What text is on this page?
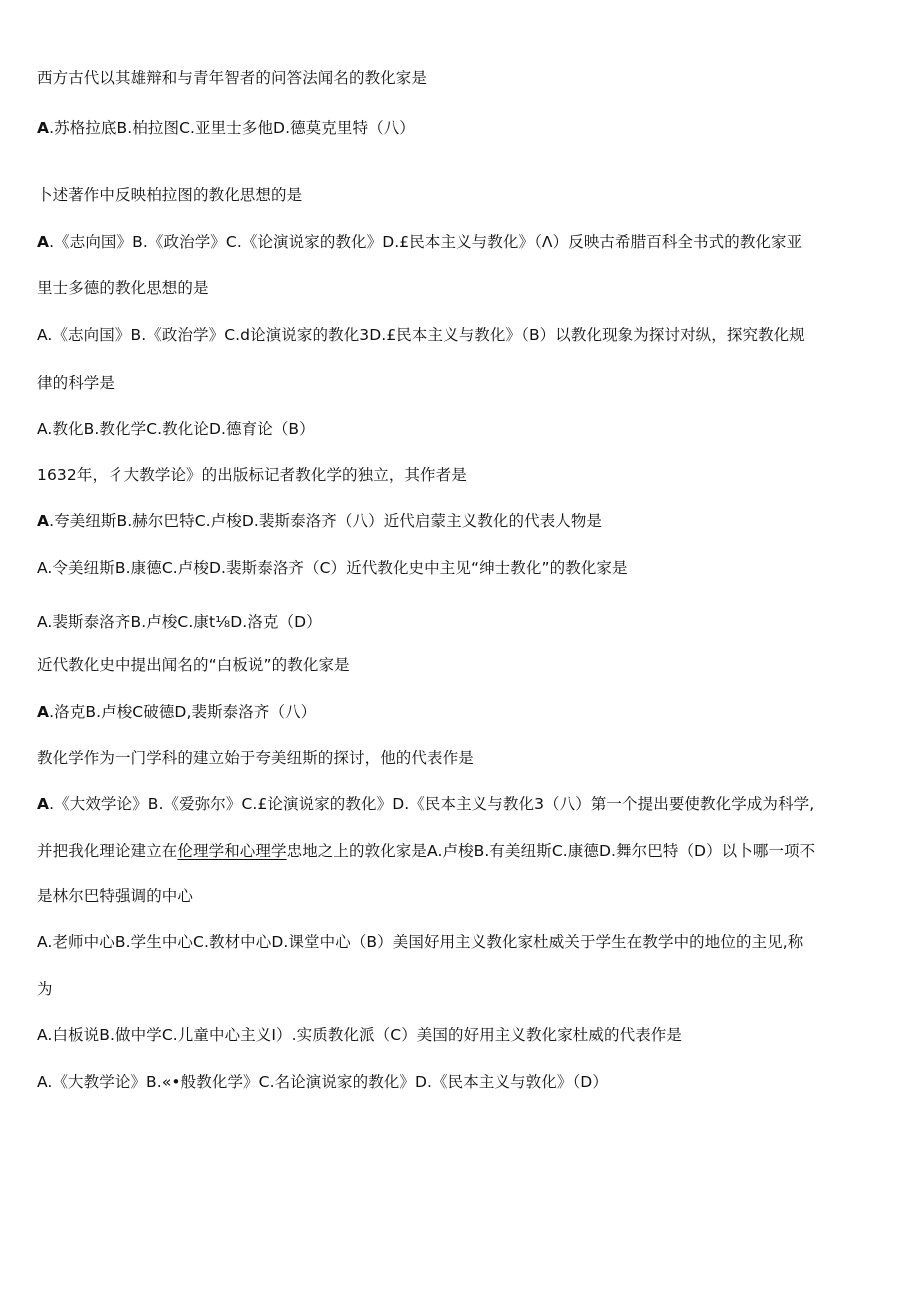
西方古代以其雄辩和与青年智者的问答法闻名的教化家是
A.苏格拉底B.柏拉图C.亚里士多他D.德莫克里特（八）
卜述著作中反映柏拉图的教化思想的是
A.《志向国》B.《政治学》C.《论演说家的教化》D.£民本主义与教化》（Λ）反映古希腊百科全书式的教化家亚
里士多德的教化思想的是
A.《志向国》B.《政治学》C.d论演说家的教化3D.£民本主义与教化》（B）以教化现象为探讨对纵，探究教化规
律的科学是
A.教化B.教化学C.教化论D.德育论（B）
1632年，彳大教学论》的出版标记者教化学的独立，其作者是
A.夸美纽斯B.赫尔巴特C.卢梭D.裴斯泰洛齐（八）近代启蒙主义教化的代表人物是
A.令美纽斯B.康德C.卢梭D.裴斯泰洛齐（C）近代教化史中主见“绅士教化”的教化家是
A.裴斯泰洛齐B.卢梭C.康t⅛D.洛克（D）
近代教化史中提出闻名的“白板说”的教化家是
A.洛克B.卢梭C破德D,裴斯泰洛齐（八）
教化学作为一门学科的建立始于夸美纽斯的探讨，他的代表作是
A.《大效学论》B.《爱弥尔》C.£论演说家的教化》D.《民本主义与教化3（八）第一个提出要使教化学成为科学,
并把我化理论建立在伦理学和心理学忠地之上的敦化家是A.卢梭B.有美纽斯C.康德D.舞尔巴特（D）以卜哪一项不
是林尔巴特强调的中心
A.老师中心B.学生中心C.教材中心D.课堂中心（B）美国好用主义教化家杜威关于学生在教学中的地位的主见,称
为
A.白板说B.做中学C.儿童中心主义I）.实质教化派（C）美国的好用主义教化家杜威的代表作是
A.《大教学论》B.«•般教化学》C.名论演说家的教化》D.《民本主义与敦化》（D）
